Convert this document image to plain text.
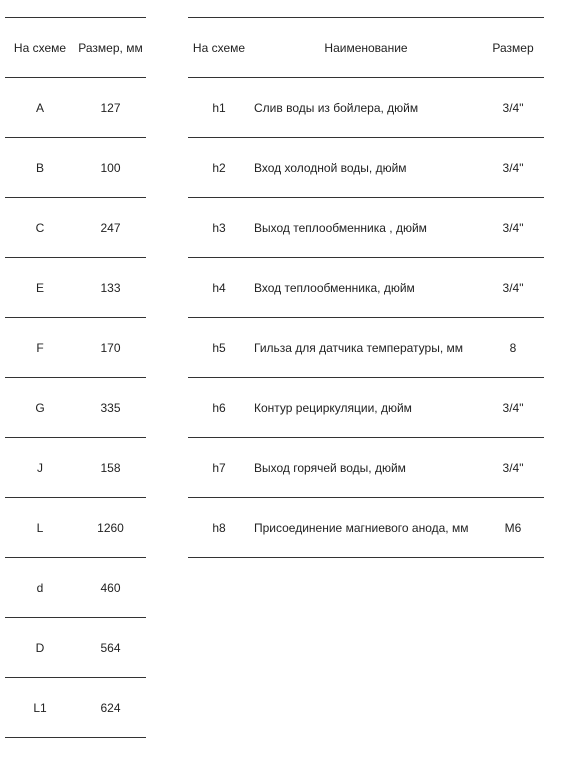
На схеме	Размер, мм
A	127
B	100
C	247
E	133
F	170
G	335
J	158
L	1260
d	460
D	564
L1	624
На схеме	Наименование	Размер
h1	Слив воды из бойлера, дюйм	3/4"
h2	Вход холодной воды, дюйм	3/4"
h3	Выход теплообменника , дюйм	3/4"
h4	Вход теплообменника, дюйм	3/4"
h5	Гильза для датчика температуры, мм	8
h6	Контур рециркуляции, дюйм	3/4"
h7	Выход горячей воды, дюйм	3/4"
h8	Присоединение магниевого анода, мм	М6
